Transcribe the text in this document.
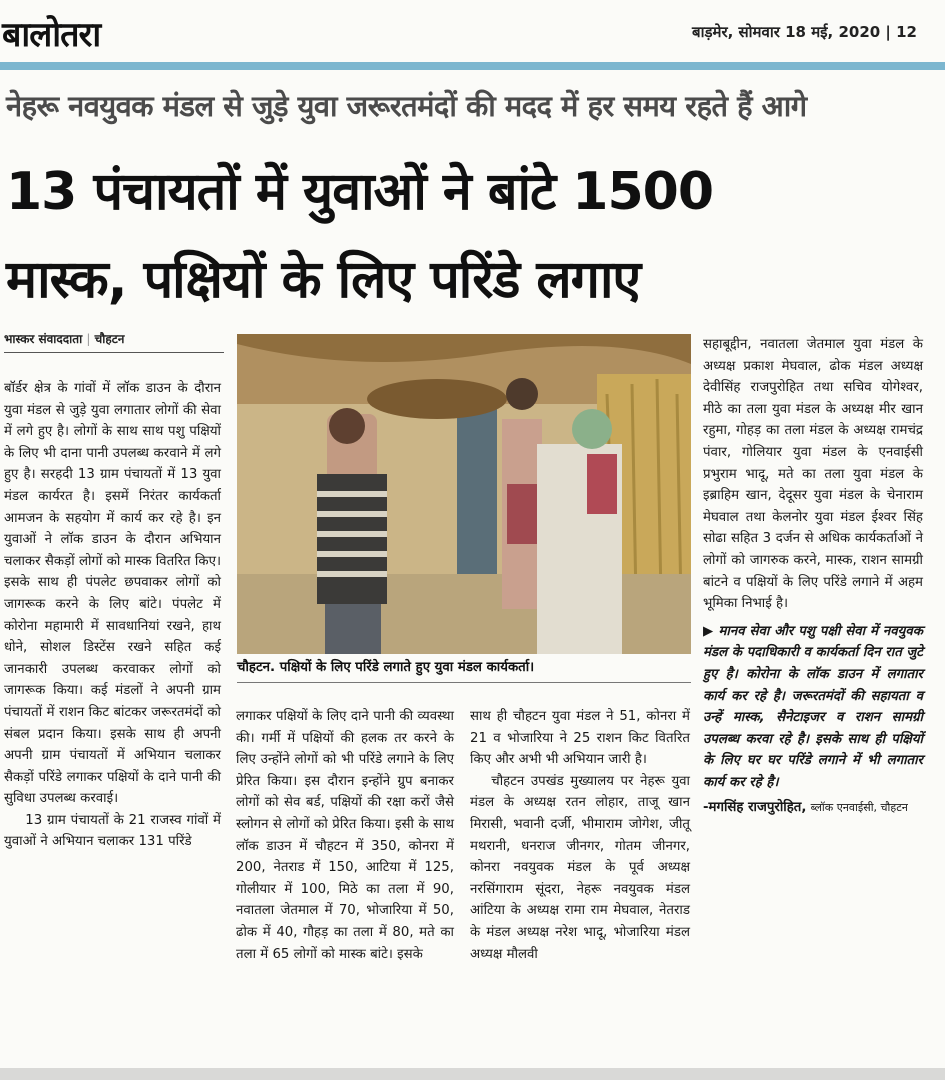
बालोतरा	बाड़मेर, सोमवार 18 मई, 2020 | 12
नेहरू नवयुवक मंडल से जुड़े युवा जरूरतमंदों की मदद में हर समय रहते हैं आगे
13 पंचायतों में युवाओं ने बांटे 1500
मास्क, पक्षियों के लिए परिंडे लगाए
भास्कर संवाददाता | चौहटन

बॉर्डर क्षेत्र के गांवों में लॉक डाउन के दौरान युवा मंडल से जुड़े युवा लगातार लोगों की सेवा में लगे हुए है। लोगों के साथ साथ पशु पक्षियों के लिए भी दाना पानी उपलब्ध करवाने में लगे हुए है। सरहदी 13 ग्राम पंचायतों में 13 युवा मंडल कार्यरत है। इसमें निरंतर कार्यकर्ता आमजन के सहयोग में कार्य कर रहे है। इन युवाओं ने लॉक डाउन के दौरान अभियान चलाकर सैकड़ों लोगों को मास्क वितरित किए। इसके साथ ही पंपलेट छपवाकर लोगों को जागरूक करने के लिए बांटे। पंपलेट में कोरोना महामारी में सावधानियां रखने, हाथ धोने, सोशल डिस्टेंस रखने सहित कई जानकारी उपलब्ध करवाकर लोगों को जागरूक किया। कई मंडलों ने अपनी ग्राम पंचायतों में राशन किट बांटकर जरूरतमंदों को संबल प्रदान किया। इसके साथ ही अपनी अपनी ग्राम पंचायतों में अभियान चलाकर सैकड़ों परिंडे लगाकर पक्षियों के दाने पानी की सुविधा उपलब्ध करवाई।

13 ग्राम पंचायतों के 21 राजस्व गांवों में युवाओं ने अभियान चलाकर 131 परिंडे

चौहटन. पक्षियों के लिए परिंडे लगाते हुए युवा मंडल कार्यकर्ता।

लगाकर पक्षियों के लिए दाने पानी की व्यवस्था की। गर्मी में पक्षियों की हलक तर करने के लिए उन्होंने लोगों को भी परिंडे लगाने के लिए प्रेरित किया। इस दौरान इन्होंने ग्रुप बनाकर लोगों को सेव बर्ड, पक्षियों की रक्षा करों जैसे स्लोगन से लोगों को प्रेरित किया। इसी के साथ लॉक डाउन में चौहटन में 350, कोनरा में 200, नेतराड में 150, आटिया में 125, गोलीयार में 100, मिठे का तला में 90, नवातला जेतमाल में 70, भोजारिया में 50, ढोक में 40, गौहड़ का तला में 80, मते का तला में 65 लोगों को मास्क बांटे। इसके

साथ ही चौहटन युवा मंडल ने 51, कोनरा में 21 व भोजारिया ने 25 राशन किट वितरित किए और अभी भी अभियान जारी है।

चौहटन उपखंड मुख्यालय पर नेहरू युवा मंडल के अध्यक्ष रतन लोहार, ताजू खान मिरासी, भवानी दर्जी, भीमाराम जोगेश, जीतू मथरानी, धनराज जीनगर, गोतम जीनगर, कोनरा नवयुवक मंडल के पूर्व अध्यक्ष नरसिंगाराम सूंदरा, नेहरू नवयुवक मंडल आंटिया के अध्यक्ष रामा राम मेघवाल, नेतराड के मंडल अध्यक्ष नरेश भादू, भोजारिया मंडल अध्यक्ष मौलवी

सहाबूद्दीन, नवातला जेतमाल युवा मंडल के अध्यक्ष प्रकाश मेघवाल, ढोक मंडल अध्यक्ष देवीसिंह राजपुरोहित तथा सचिव योगेश्वर, मीठे का तला युवा मंडल के अध्यक्ष मीर खान रहुमा, गोहड़ का तला मंडल के अध्यक्ष रामचंद्र पंवार, गोलियार युवा मंडल के एनवाईसी प्रभुराम भादू, मते का तला युवा मंडल के इब्राहिम खान, देदूसर युवा मंडल के चेनाराम मेघवाल तथा केलनोर युवा मंडल ईश्वर सिंह सोढा सहित 3 दर्जन से अधिक कार्यकर्ताओं ने लोगों को जागरुक करने, मास्क, राशन सामग्री बांटने व पक्षियों के लिए परिंडे लगाने में अहम भूमिका निभाई है।

▶ मानव सेवा और पशु पक्षी सेवा में नवयुवक मंडल के पदाधिकारी व कार्यकर्ता दिन रात जुटे हुए है। कोरोना के लॉक डाउन में लगातार कार्य कर रहे है। जरूरतमंदों की सहायता व उन्हें मास्क, सैनेटाइजर व राशन सामग्री उपलब्ध करवा रहे है। इसके साथ ही पक्षियों के लिए घर घर परिंडे लगाने में भी लगातार कार्य कर रहे है।

-मगसिंह राजपुरोहित, ब्लॉक एनवाईसी, चौहटन
